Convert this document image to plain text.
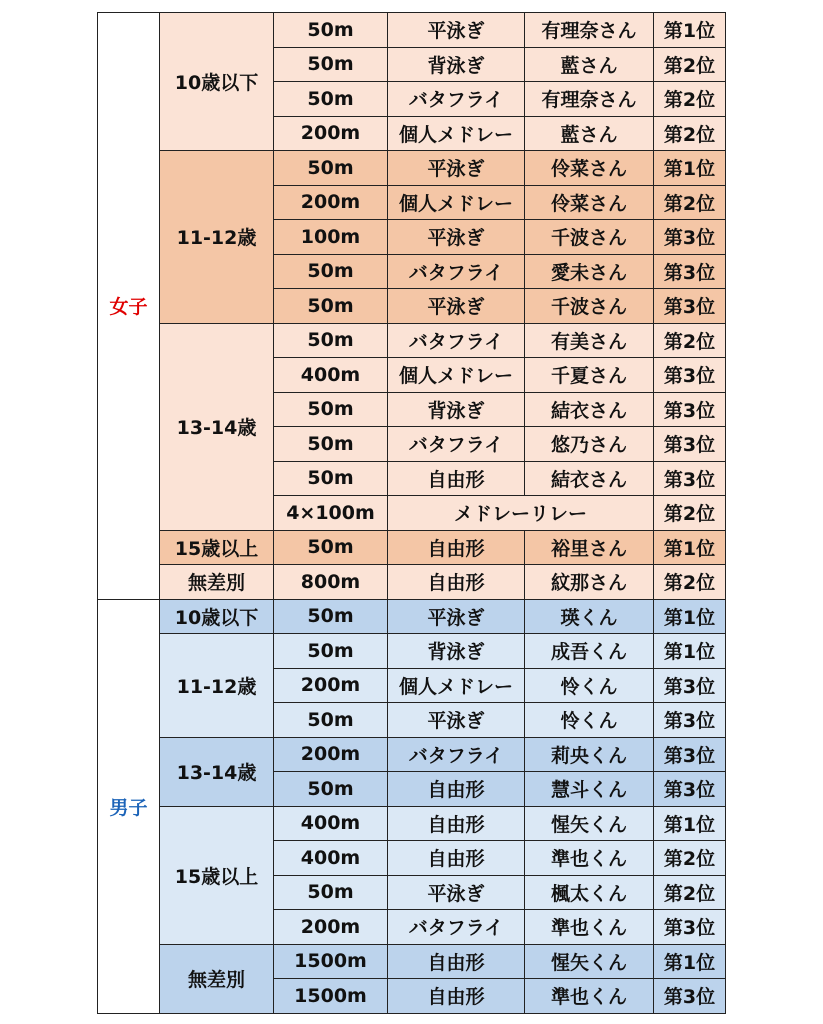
女子	10歳以下	50m	平泳ぎ	有理奈さん	第1位
		50m	背泳ぎ	藍さん	第2位
		50m	バタフライ	有理奈さん	第2位
		200m	個人メドレー	藍さん	第2位
	11-12歳	50m	平泳ぎ	伶菜さん	第1位
		200m	個人メドレー	伶菜さん	第2位
		100m	平泳ぎ	千波さん	第3位
		50m	バタフライ	愛未さん	第3位
		50m	平泳ぎ	千波さん	第3位
	13-14歳	50m	バタフライ	有美さん	第2位
		400m	個人メドレー	千夏さん	第3位
		50m	背泳ぎ	結衣さん	第3位
		50m	バタフライ	悠乃さん	第3位
		50m	自由形	結衣さん	第3位
		4×100m	メドレーリレー		第2位
	15歳以上	50m	自由形	裕里さん	第1位
	無差別	800m	自由形	紋那さん	第2位
男子	10歳以下	50m	平泳ぎ	瑛くん	第1位
	11-12歳	50m	背泳ぎ	成吾くん	第1位
		200m	個人メドレー	怜くん	第3位
		50m	平泳ぎ	怜くん	第3位
	13-14歳	200m	バタフライ	莉央くん	第3位
		50m	自由形	慧斗くん	第3位
	15歳以上	400m	自由形	惺矢くん	第1位
		400m	自由形	準也くん	第2位
		50m	平泳ぎ	楓太くん	第2位
		200m	バタフライ	準也くん	第3位
	無差別	1500m	自由形	惺矢くん	第1位
		1500m	自由形	準也くん	第3位
